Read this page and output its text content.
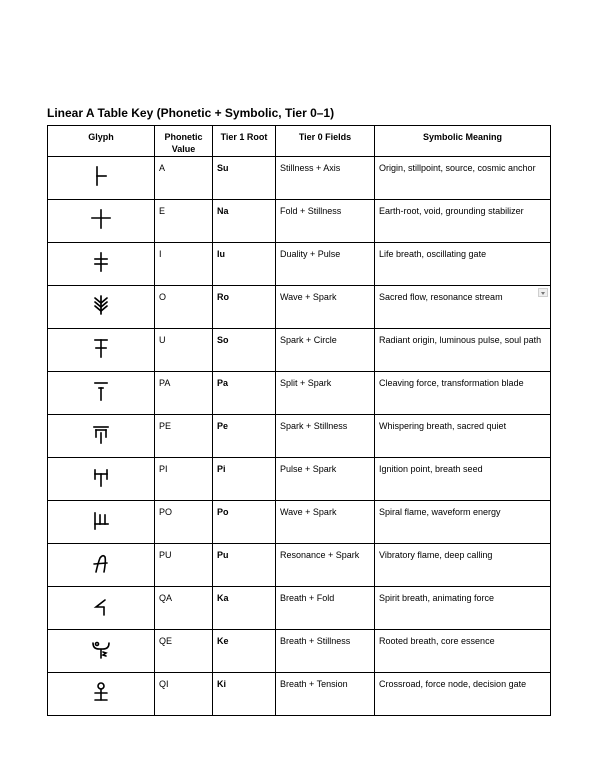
Linear A Table Key (Phonetic + Symbolic, Tier 0–1)
Glyph	Phonetic Value	Tier 1 Root	Tier 0 Fields	Symbolic Meaning

	A	Su	Stillness + Axis	Origin, stillpoint, source, cosmic anchor

	E	Na	Fold + Stillness	Earth-root, void, grounding stabilizer

	I	Iu	Duality + Pulse	Life breath, oscillating gate

	O	Ro	Wave + Spark	Sacred flow, resonance stream

	U	So	Spark + Circle	Radiant origin, luminous pulse, soul path

	PA	Pa	Split + Spark	Cleaving force, transformation blade

	PE	Pe	Spark + Stillness	Whispering breath, sacred quiet

	PI	Pi	Pulse + Spark	Ignition point, breath seed

	PO	Po	Wave + Spark	Spiral flame, waveform energy

	PU	Pu	Resonance + Spark	Vibratory flame, deep calling

	QA	Ka	Breath + Fold	Spirit breath, animating force

	QE	Ke	Breath + Stillness	Rooted breath, core essence

	QI	Ki	Breath + Tension	Crossroad, force node, decision gate
